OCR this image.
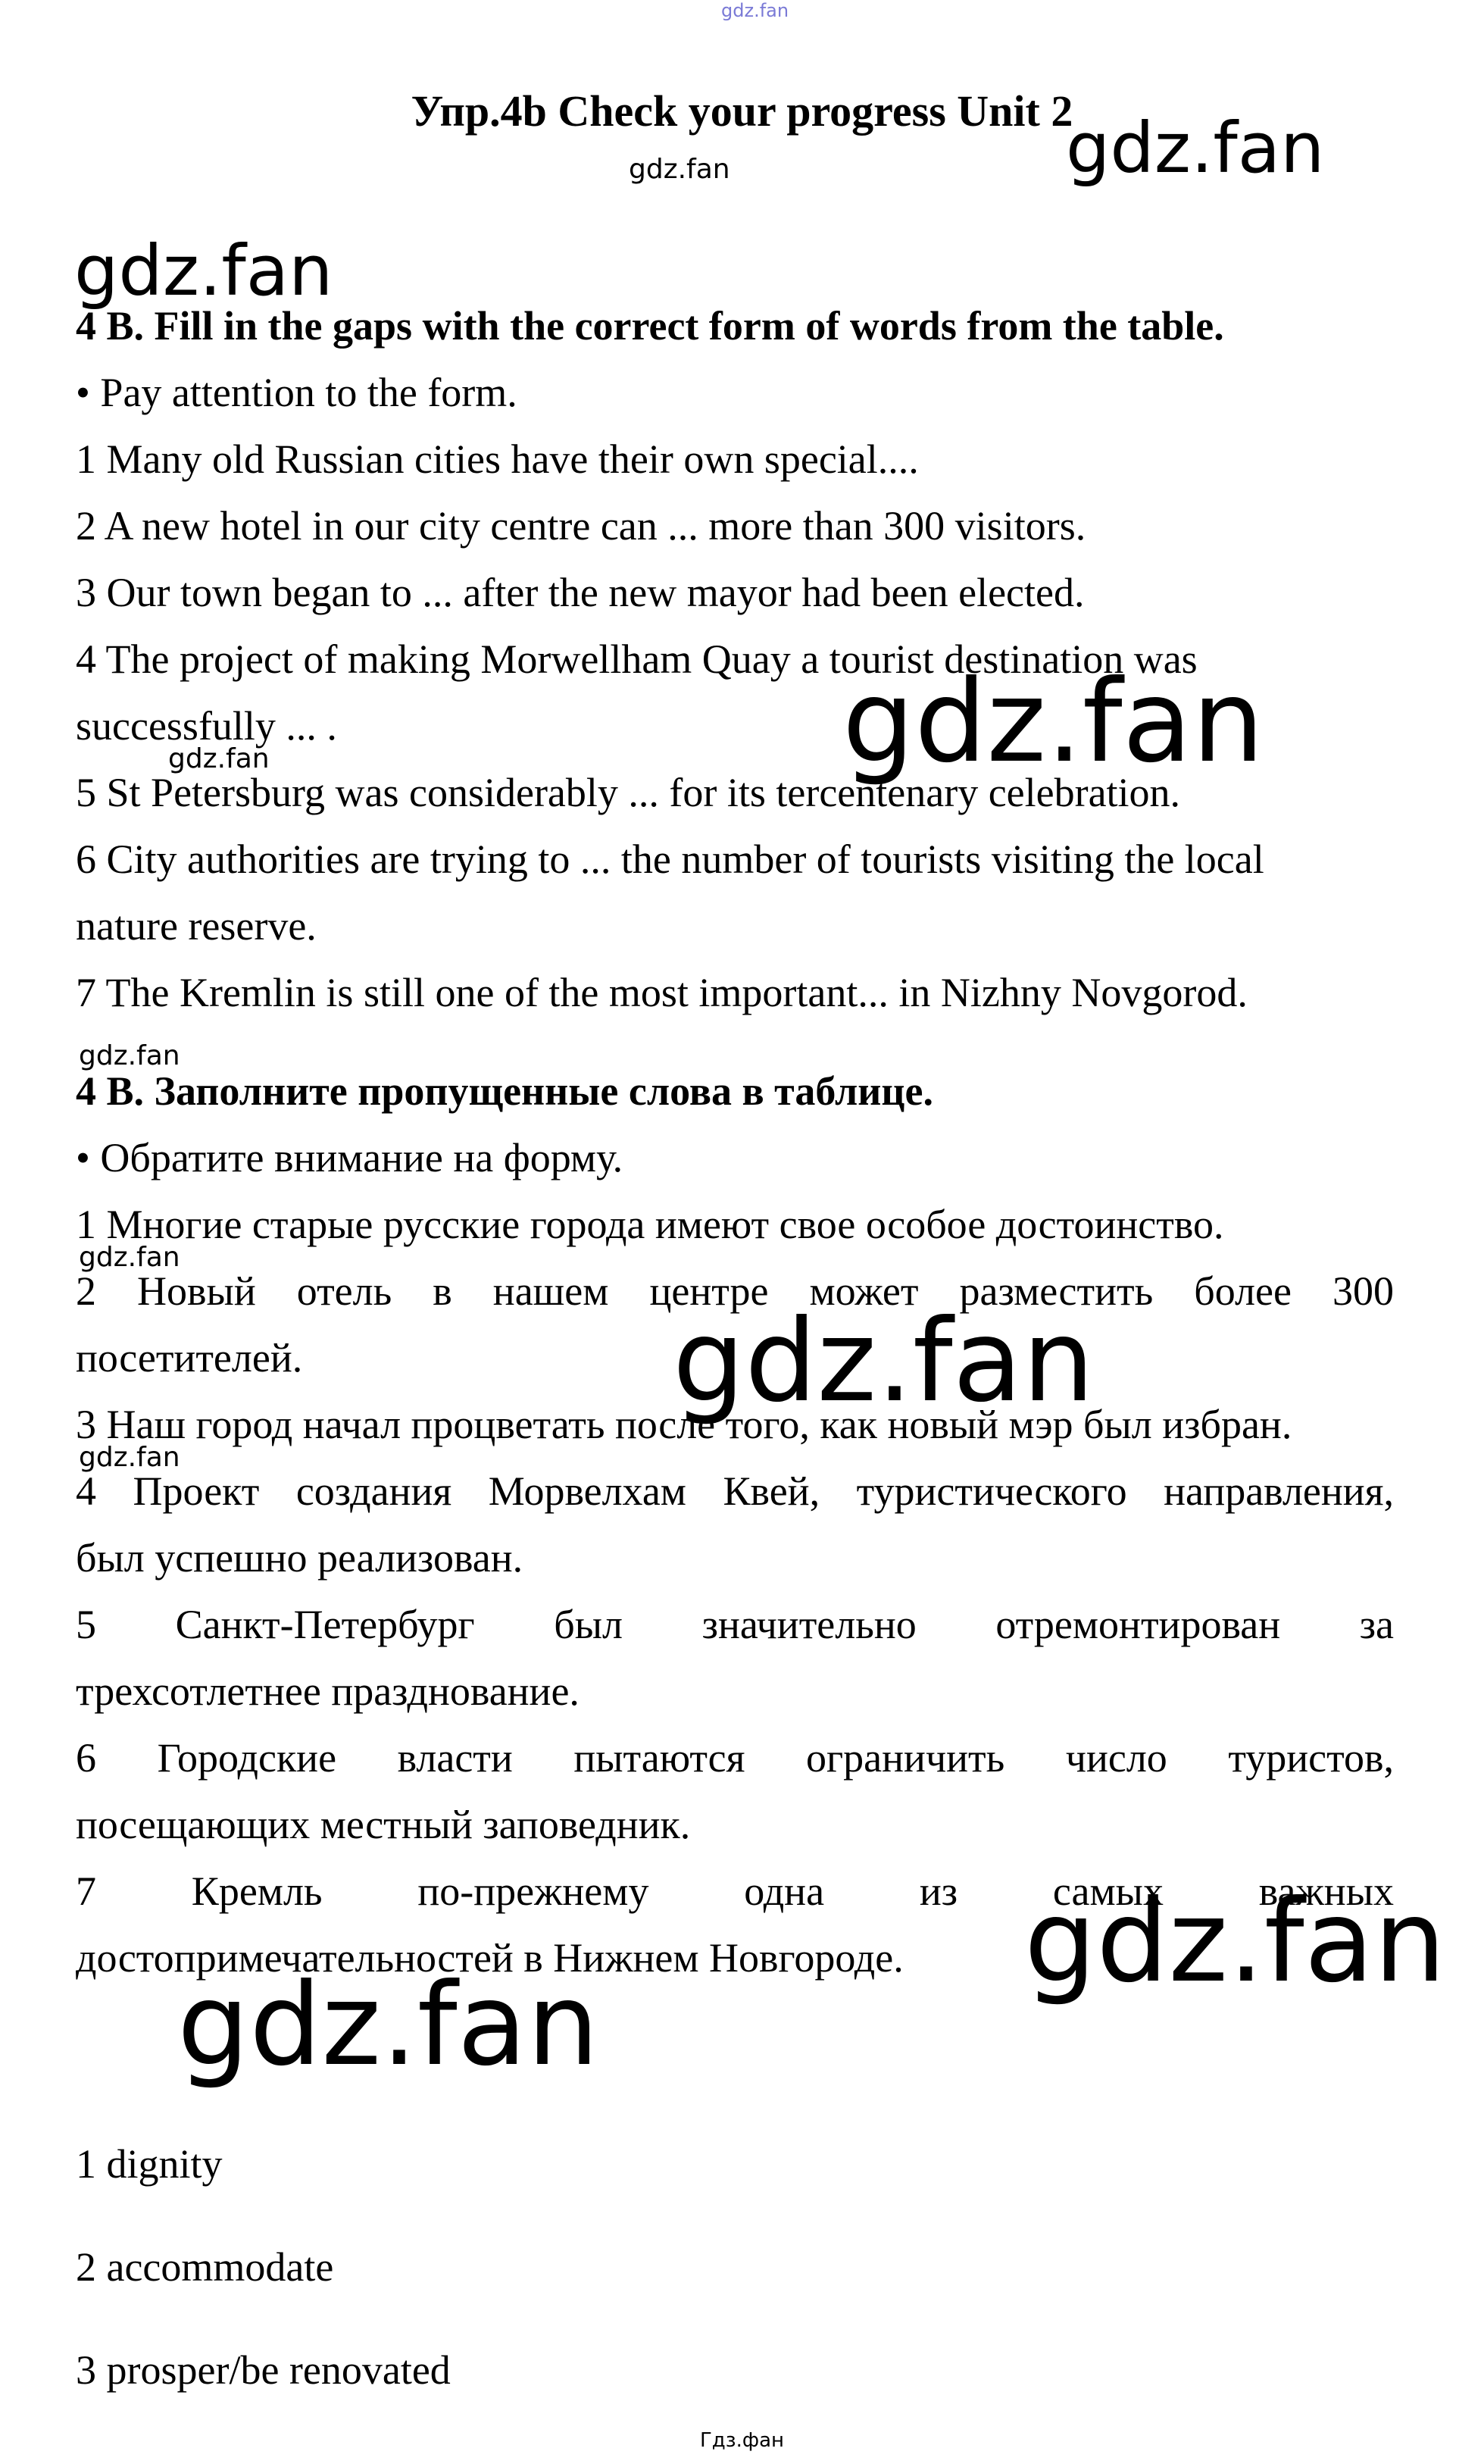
gdz.fan
Упр.4b Check your progress Unit 2
gdz.fan
gdz.fan
gdz.fan
4 B. Fill in the gaps with the correct form of words from the table.
• Pay attention to the form.
1 Many old Russian cities have their own special....
2 A new hotel in our city centre can ... more than 300 visitors.
3 Our town began to ... after the new mayor had been elected.
4 The project of making Morwellham Quay a tourist destination was
successfully ... .	gdz.fan
gdz.fan
5 St Petersburg was considerably ... for its tercentenary celebration.
6 City authorities are trying to ... the number of tourists visiting the local
nature reserve.
7 The Kremlin is still one of the most important... in Nizhny Novgorod.
gdz.fan
4 В. Заполните пропущенные слова в таблице.
• Обратите внимание на форму.
1 Многие старые русские города имеют свое особое достоинство.
gdz.fan
2 Новый отель в нашем центре может разместить более 300
посетителей.	gdz.fan
3 Наш город начал процветать после того, как новый мэр был избран.
gdz.fan
4 Проект создания Морвелхам Квей, туристического направления,
был успешно реализован.
5 Санкт-Петербург был значительно отремонтирован за
трехсотлетнее празднование.
6 Городские власти пытаются ограничить число туристов,
посещающих местный заповедник.
7 Кремль по-прежнему одна из самых важных
достопримечательностей в Нижнем Новгороде. gdz.fan
gdz.fan
1 dignity
2 accommodate
3 prosper/be renovated
Гдз.фан
